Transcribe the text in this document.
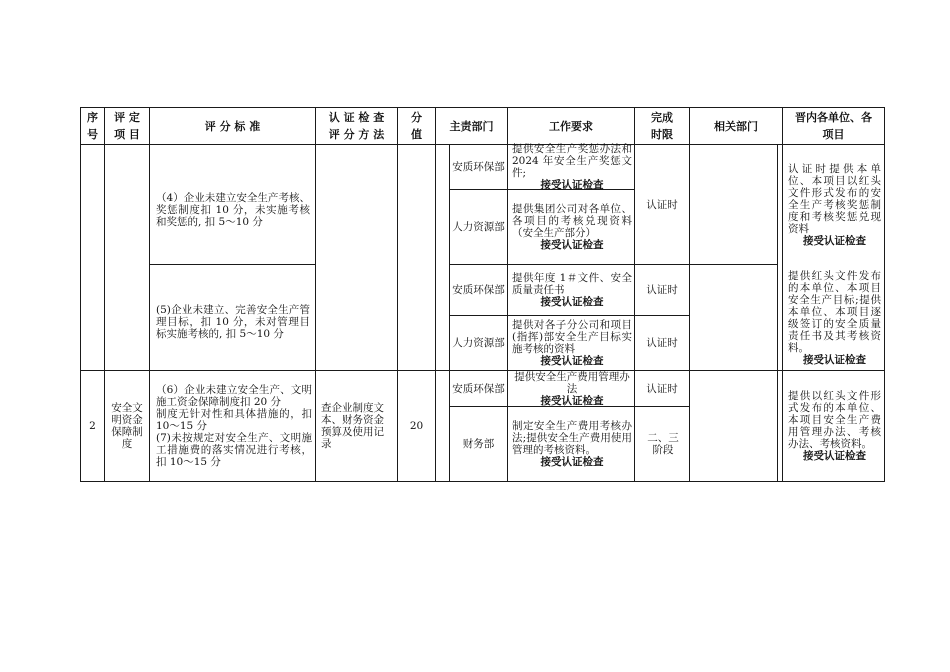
序
号
评 定
项 目
评 分 标 准
认 证 检 查
评 分 方 法
分
值
主责部门	工作要求
完成
时限
相关部门
晋内各单位、各
项目
（4）企业未建立安全生产考核、奖惩制度扣 10 分，未实施考核和奖惩的, 扣 5～10 分
安质环保部
提供安全生产奖惩办法和 2024 年安全生产奖惩文件;
接受认证检查
人力资源部
提供集团公司对各单位、各项目的考核兑现资料（安全生产部分）
接受认证检查
认证时
认证时提供本单位、本项目以红头文件形式发布的安全生产考核奖惩制度和考核奖惩兑现资料
接受认证检查
(5)企业未建立、完善安全生产管理目标，扣 10 分，未对管理目标实施考核的, 扣 5～10 分
安质环保部
提供年度 1＃文件、安全质量责任书
接受认证检查
认证时
人力资源部
提供对各子分公司和项目(指挥)部安全生产目标实施考核的资料
接受认证检查
认证时
提供红头文件发布的本单位、本项目安全生产目标;提供本单位、本项目逐级签订的安全质量责任书及其考核资料。
接受认证检查
2
安全文明资金保障制度
（6）企业未建立安全生产、文明施工资金保障制度扣 20 分
制度无针对性和具体措施的，扣 10～15 分
(7)未按规定对安全生产、文明施工措施费的落实情况进行考核，扣 10～15 分
查企业制度文本、财务资金预算及使用记录
20
安质环保部
提供安全生产费用管理办法
接受认证检查
认证时
财务部
制定安全生产费用考核办法;提供安全生产费用使用管理的考核资料。
接受认证检查
二、三阶段
提供以红头文件形式发布的本单位、本项目安全生产费用管理办法、考核办法、考核资料。
接受认证检查
